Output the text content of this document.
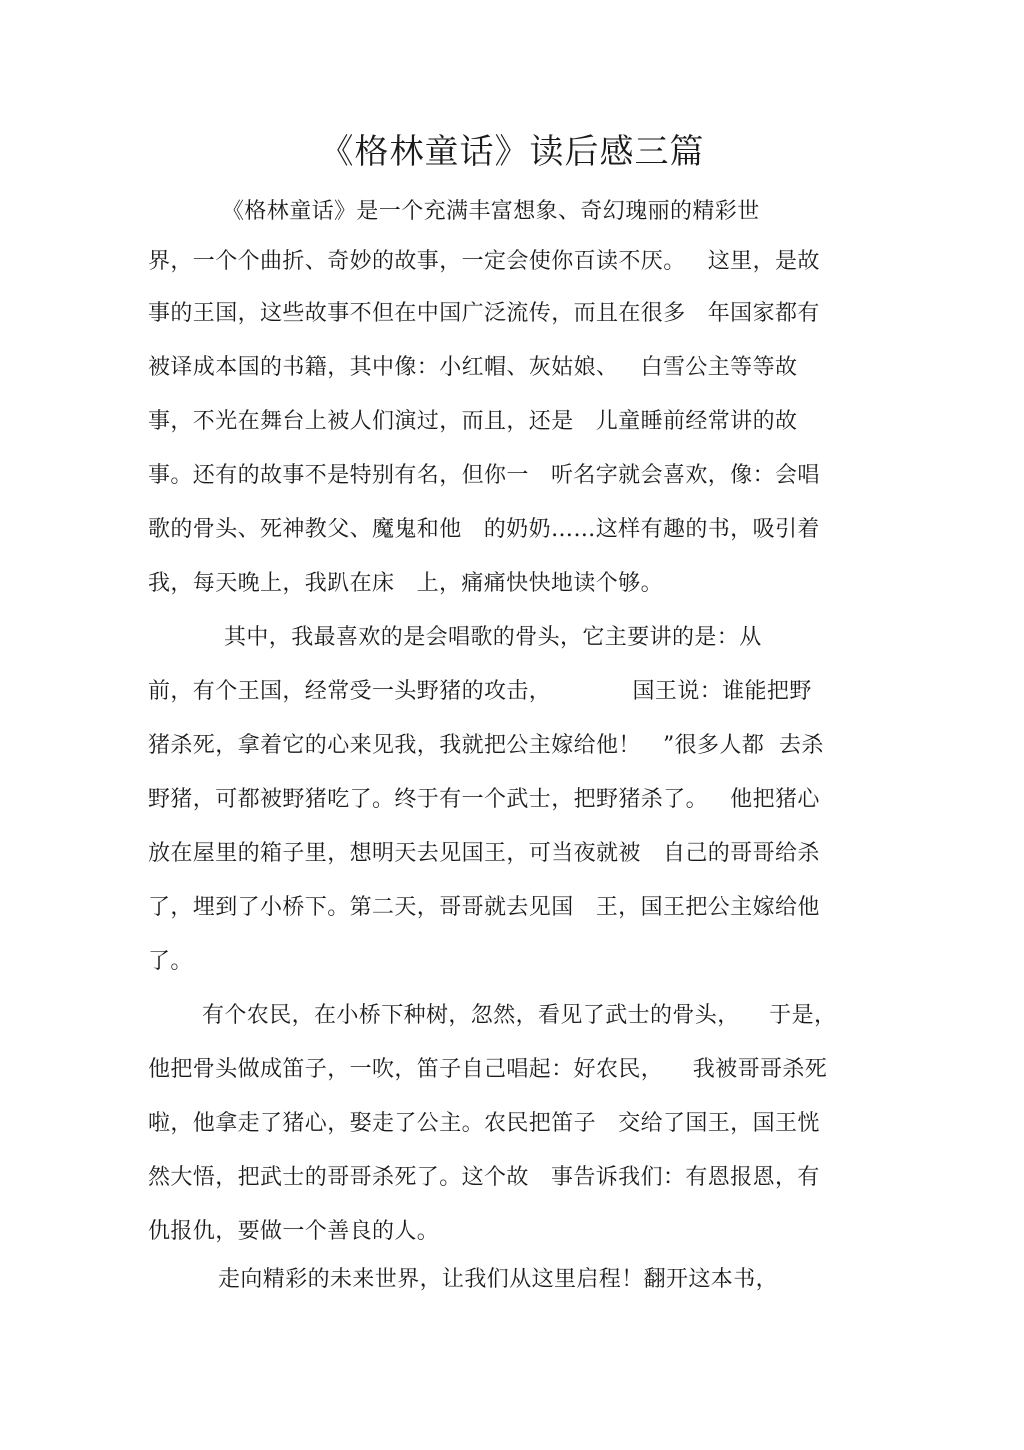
《格林童话》读后感三篇
《格林童话》是一个充满丰富想象、奇幻瑰丽的精彩世
界，一个个曲折、奇妙的故事，一定会使你百读不厌。   这里，是故
事的王国，这些故事不但在中国广泛流传，而且在很多   年国家都有
被译成本国的书籍，其中像：小红帽、灰姑娘、   白雪公主等等故
事，不光在舞台上被人们演过，而且，还是   儿童睡前经常讲的故
事。还有的故事不是特别有名，但你一   听名字就会喜欢，像：会唱
歌的骨头、死神教父、魔鬼和他   的奶奶……这样有趣的书，吸引着
我，每天晚上，我趴在床   上，痛痛快快地读个够。
其中，我最喜欢的是会唱歌的骨头，它主要讲的是：从
前，有个王国，经常受一头野猪的攻击，           国王说：谁能把野
猪杀死，拿着它的心来见我，我就把公主嫁给他！   ”很多人都  去杀
野猪，可都被野猪吃了。终于有一个武士，把野猪杀了。   他把猪心
放在屋里的箱子里，想明天去见国王，可当夜就被   自己的哥哥给杀
了，埋到了小桥下。第二天，哥哥就去见国   王，国王把公主嫁给他
了。
有个农民，在小桥下种树，忽然，看见了武士的骨头，    于是，
他把骨头做成笛子，一吹，笛子自己唱起：好农民，    我被哥哥杀死
啦，他拿走了猪心，娶走了公主。农民把笛子   交给了国王，国王恍
然大悟，把武士的哥哥杀死了。这个故   事告诉我们：有恩报恩，有
仇报仇，要做一个善良的人。
走向精彩的未来世界，让我们从这里启程！翻开这本书，
